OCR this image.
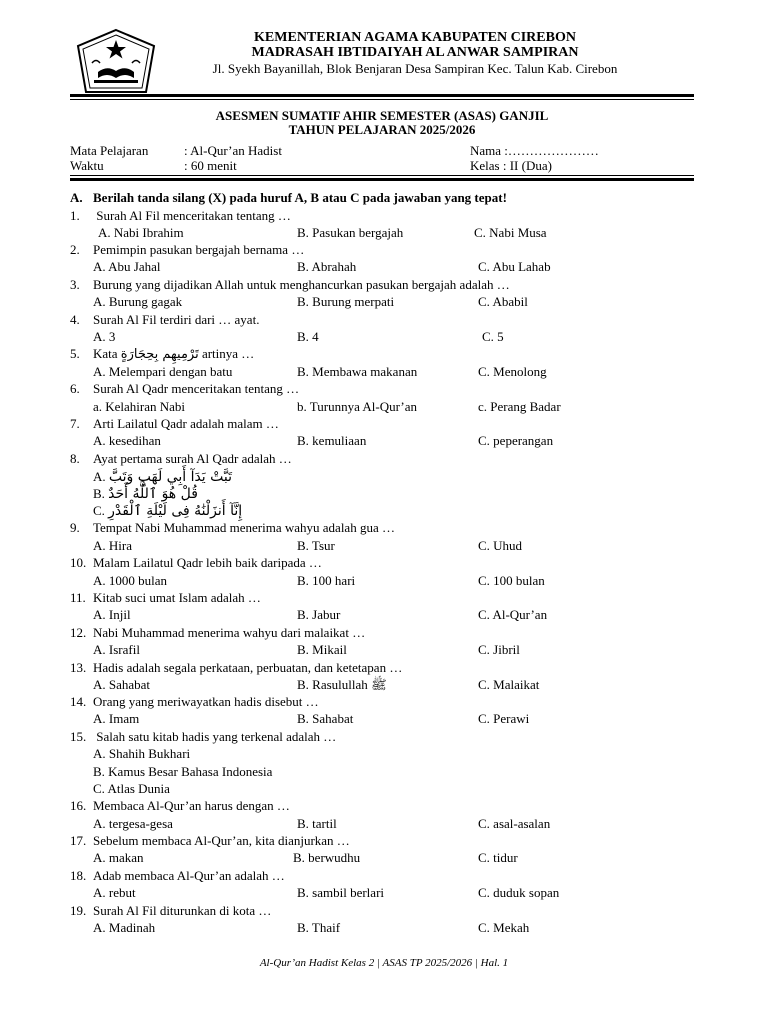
KEMENTERIAN AGAMA KABUPATEN CIREBON
MADRASAH IBTIDAIYAH AL ANWAR SAMPIRAN
Jl. Syekh Bayanillah, Blok Benjaran Desa Sampiran Kec. Talun Kab. Cirebon
ASESMEN SUMATIF AHIR SEMESTER (ASAS) GANJIL
TAHUN PELAJARAN 2025/2026
Mata Pelajaran	: Al-Qur’an Hadist
Waktu	: 60 menit
Nama :…………………
Kelas : II (Dua)
A. Berilah tanda silang (X) pada huruf A, B atau C pada jawaban yang tepat!
1. Surah Al Fil menceritakan tentang …
A. Nabi Ibrahim	B. Pasukan bergajah	C. Nabi Musa
2. Pemimpin pasukan bergajah bernama …
A. Abu Jahal	B. Abrahah	C. Abu Lahab
3. Burung yang dijadikan Allah untuk menghancurkan pasukan bergajah adalah …
A. Burung gagak	B. Burung merpati	C. Ababil
4. Surah Al Fil terdiri dari … ayat.
A. 3	B. 4	C. 5
5. Kata تَرْمِيهِم بِحِجَارَةٍ artinya …
A. Melempari dengan batu	B. Membawa makanan	C. Menolong
6. Surah Al Qadr menceritakan tentang …
a. Kelahiran Nabi	b. Turunnya Al-Qur’an	c. Perang Badar
7. Arti Lailatul Qadr adalah malam …
A. kesedihan	B. kemuliaan	C. peperangan
8. Ayat pertama surah Al Qadr adalah …
A. تَبَّتْ يَدَآ أَبِي لَهَبٍ وَتَبَّ
B. قُلْ هُوَ ٱللَّهُ أَحَدٌ
C. إِنَّآ أَنزَلْنَٰهُ فِى لَيْلَةِ ٱلْقَدْرِ
9. Tempat Nabi Muhammad menerima wahyu adalah gua …
A. Hira	B. Tsur	C. Uhud
10. Malam Lailatul Qadr lebih baik daripada …
A. 1000 bulan	B. 100 hari	C. 100 bulan
11. Kitab suci umat Islam adalah …
A. Injil	B. Jabur	C. Al-Qur’an
12. Nabi Muhammad menerima wahyu dari malaikat …
A. Israfil	B. Mikail	C. Jibril
13. Hadis adalah segala perkataan, perbuatan, dan ketetapan …
A. Sahabat	B. Rasulullah ﷺ	C. Malaikat
14. Orang yang meriwayatkan hadis disebut …
A. Imam	B. Sahabat	C. Perawi
15. Salah satu kitab hadis yang terkenal adalah …
A. Shahih Bukhari
B. Kamus Besar Bahasa Indonesia
C. Atlas Dunia
16. Membaca Al-Qur’an harus dengan …
A. tergesa-gesa	B. tartil	C. asal-asalan
17. Sebelum membaca Al-Qur’an, kita dianjurkan …
A. makan	B. berwudhu	C. tidur
18. Adab membaca Al-Qur’an adalah …
A. rebut	B. sambil berlari	C. duduk sopan
19. Surah Al Fil diturunkan di kota …
A. Madinah	B. Thaif	C. Mekah
Al-Qur’an Hadist Kelas 2 | ASAS TP 2025/2026 | Hal. 1
